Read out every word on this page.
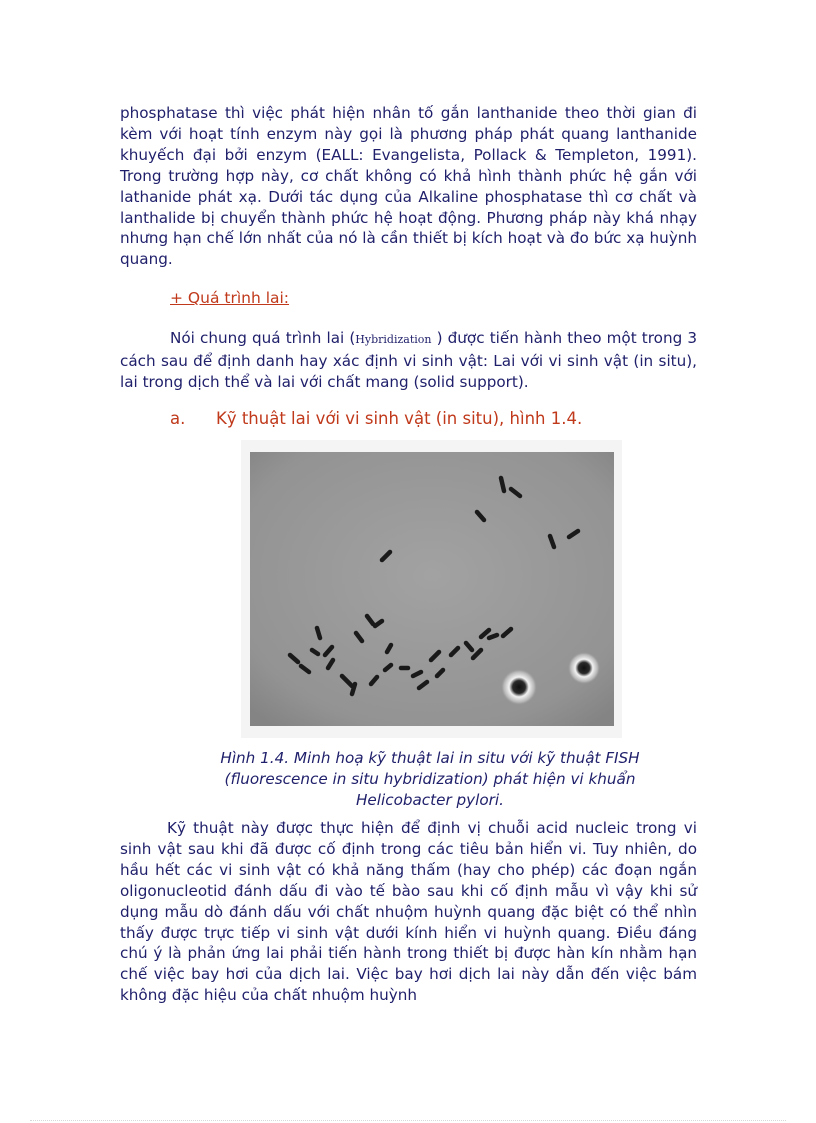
phosphatase thì việc phát hiện nhân tố gắn lanthanide theo thời gian đi kèm với hoạt tính enzym này gọi là phương pháp phát quang lanthanide khuyếch đại bởi enzym (EALL: Evangelista, Pollack & Templeton, 1991). Trong trường hợp này, cơ chất không có khả hình thành phức hệ gắn với lathanide phát xạ. Dưới tác dụng của Alkaline phosphatase thì cơ chất và lanthalide bị chuyển thành phức hệ hoạt động. Phương pháp này khá nhạy nhưng hạn chế lớn nhất của nó là cần thiết bị kích hoạt và đo bức xạ huỳnh quang.

+ Quá trình lai:

Nói chung quá trình lai (Hybridization ) được tiến hành theo một trong 3 cách sau để định danh hay xác định vi sinh vật: Lai với vi sinh vật (in situ), lai trong dịch thể và lai với chất mang (solid support).

a. Kỹ thuật lai với vi sinh vật (in situ), hình 1.4.

Hình 1.4. Minh hoạ kỹ thuật lai in situ với kỹ thuật FISH
(fluorescence in situ hybridization) phát hiện vi khuẩn
Helicobacter pylori.

Kỹ thuật này được thực hiện để định vị chuỗi acid nucleic trong vi sinh vật sau khi đã được cố định trong các tiêu bản hiển vi. Tuy nhiên, do hầu hết các vi sinh vật có khả năng thấm (hay cho phép) các đoạn ngắn oligonucleotid đánh dấu đi vào tế bào sau khi cố định mẫu vì vậy khi sử dụng mẫu dò đánh dấu với chất nhuộm huỳnh quang đặc biệt có thể nhìn thấy được trực tiếp vi sinh vật dưới kính hiển vi huỳnh quang. Điều đáng chú ý là phản ứng lai phải tiến hành trong thiết bị được hàn kín nhằm hạn chế việc bay hơi của dịch lai. Việc bay hơi dịch lai này dẫn đến việc bám không đặc hiệu của chất nhuộm huỳnh
